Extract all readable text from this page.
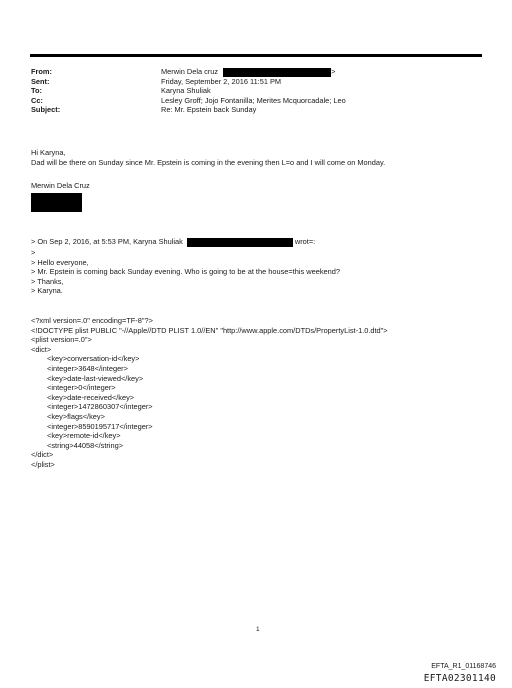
From:	Merwin Dela cruz	>
Sent:	Friday, September 2, 2016 11:51 PM
To:	Karyna Shuliak
Cc:	Lesley Groff; Jojo Fontanilla; Merites Mcquorcadale; Leo
Subject:	Re: Mr. Epstein back Sunday
Hi Karyna,
Dad will be there on Sunday since Mr. Epstein is coming in the evening then L=o and I will come on Monday.
Merwin Dela Cruz
> On Sep 2, 2016, at 5:53 PM, Karyna Shuliak	wrot=:
>
> Hello everyone,
> Mr. Epstein is coming back Sunday evening. Who is going to be at the house=this weekend?
> Thanks,
> Karyna.
<?xml version=.0" encoding=TF-8"?>
<!DOCTYPE plist PUBLIC "-//Apple//DTD PLIST 1.0//EN" "http://www.apple.com/DTDs/PropertyList-1.0.dtd">
<plist version=.0">
<dict>
<key>conversation-id</key>
<integer>3648</integer>
<key>date-last-viewed</key>
<integer>0</integer>
<key>date-received</key>
<integer>1472860307</integer>
<key>flags</key>
<integer>8590195717</integer>
<key>remote-id</key>
<string>44058</string>
</dict>
</plist>
1
EFTA_R1_01168746
EFTA02301140
